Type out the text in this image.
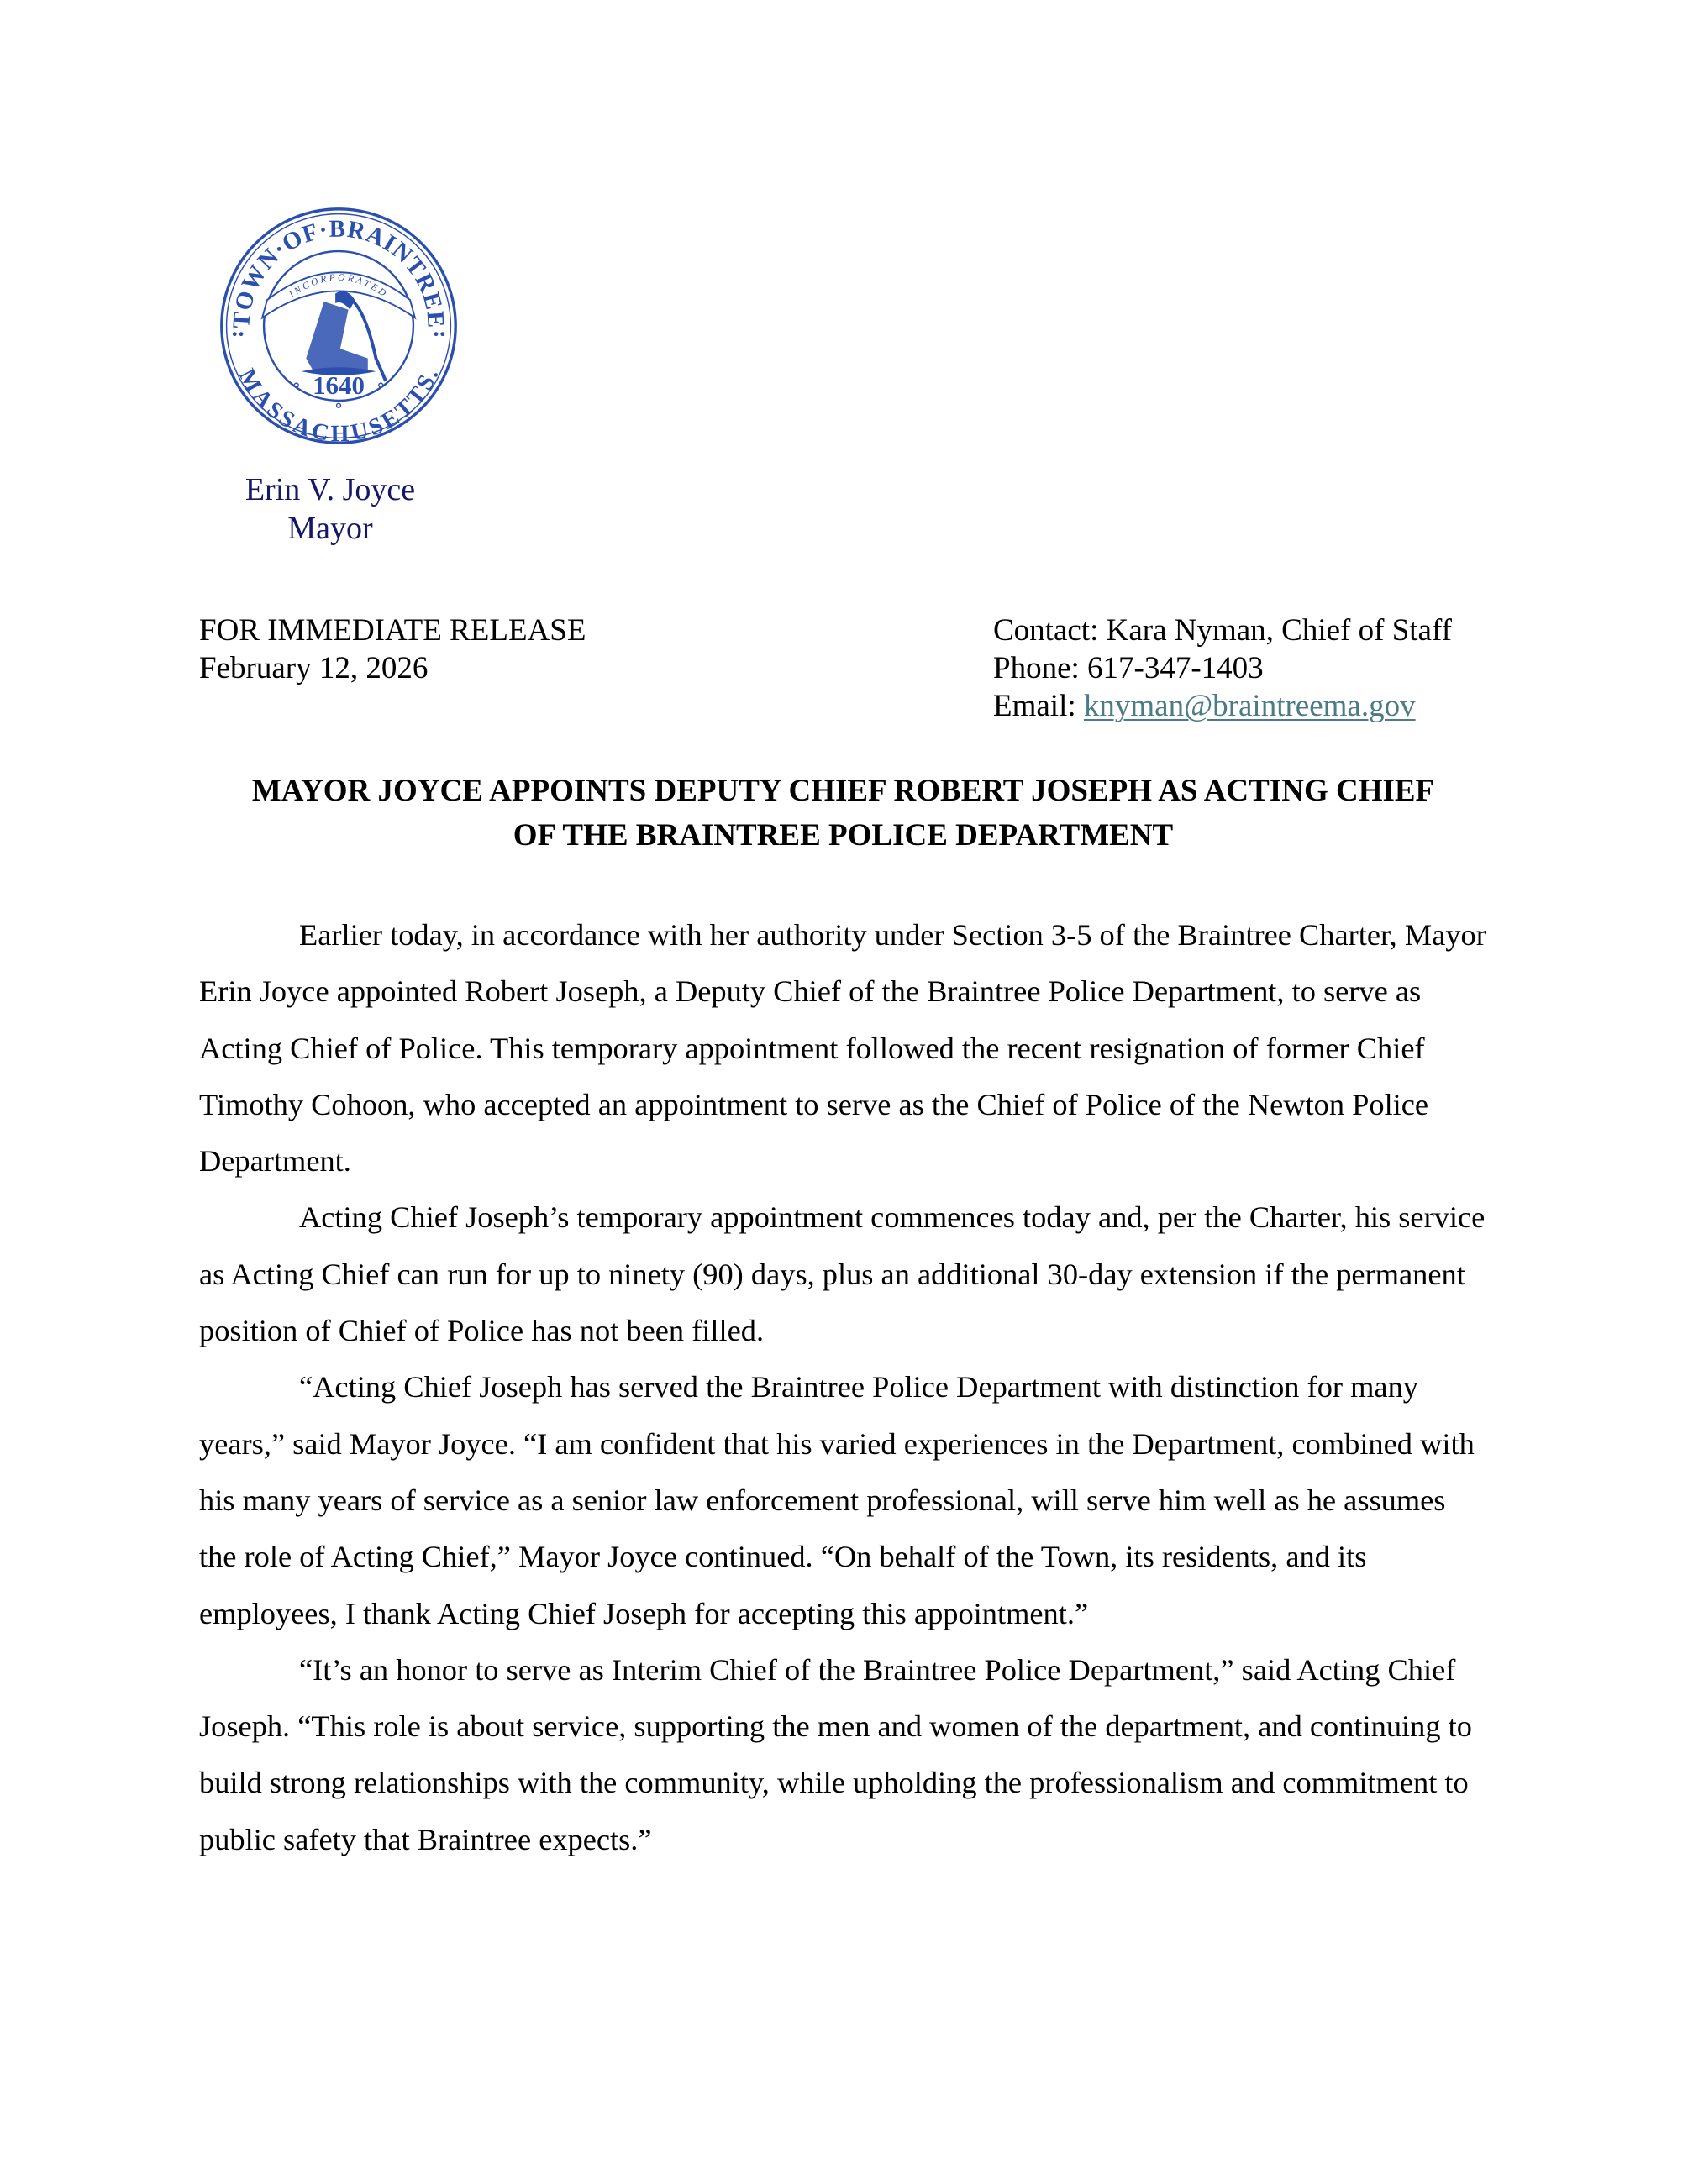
TOWN·OF·BRAINTREE
MASSACHUSETTS.
INCORPORATED
1640
Erin V. Joyce
Mayor
FOR IMMEDIATE RELEASE
February 12, 2026
Contact: Kara Nyman, Chief of Staff
Phone: 617-347-1403
Email: knyman@braintreema.gov
MAYOR JOYCE APPOINTS DEPUTY CHIEF ROBERT JOSEPH AS ACTING CHIEF
OF THE BRAINTREE POLICE DEPARTMENT

Earlier today, in accordance with her authority under Section 3-5 of the Braintree Charter, Mayor Erin Joyce appointed Robert Joseph, a Deputy Chief of the Braintree Police Department, to serve as Acting Chief of Police. This temporary appointment followed the recent resignation of former Chief Timothy Cohoon, who accepted an appointment to serve as the Chief of Police of the Newton Police Department.

Acting Chief Joseph’s temporary appointment commences today and, per the Charter, his service as Acting Chief can run for up to ninety (90) days, plus an additional 30-day extension if the permanent position of Chief of Police has not been filled.

“Acting Chief Joseph has served the Braintree Police Department with distinction for many years,” said Mayor Joyce. “I am confident that his varied experiences in the Department, combined with his many years of service as a senior law enforcement professional, will serve him well as he assumes the role of Acting Chief,” Mayor Joyce continued. “On behalf of the Town, its residents, and its employees, I thank Acting Chief Joseph for accepting this appointment.”

“It’s an honor to serve as Interim Chief of the Braintree Police Department,” said Acting Chief Joseph. “This role is about service, supporting the men and women of the department, and continuing to build strong relationships with the community, while upholding the professionalism and commitment to public safety that Braintree expects.”
